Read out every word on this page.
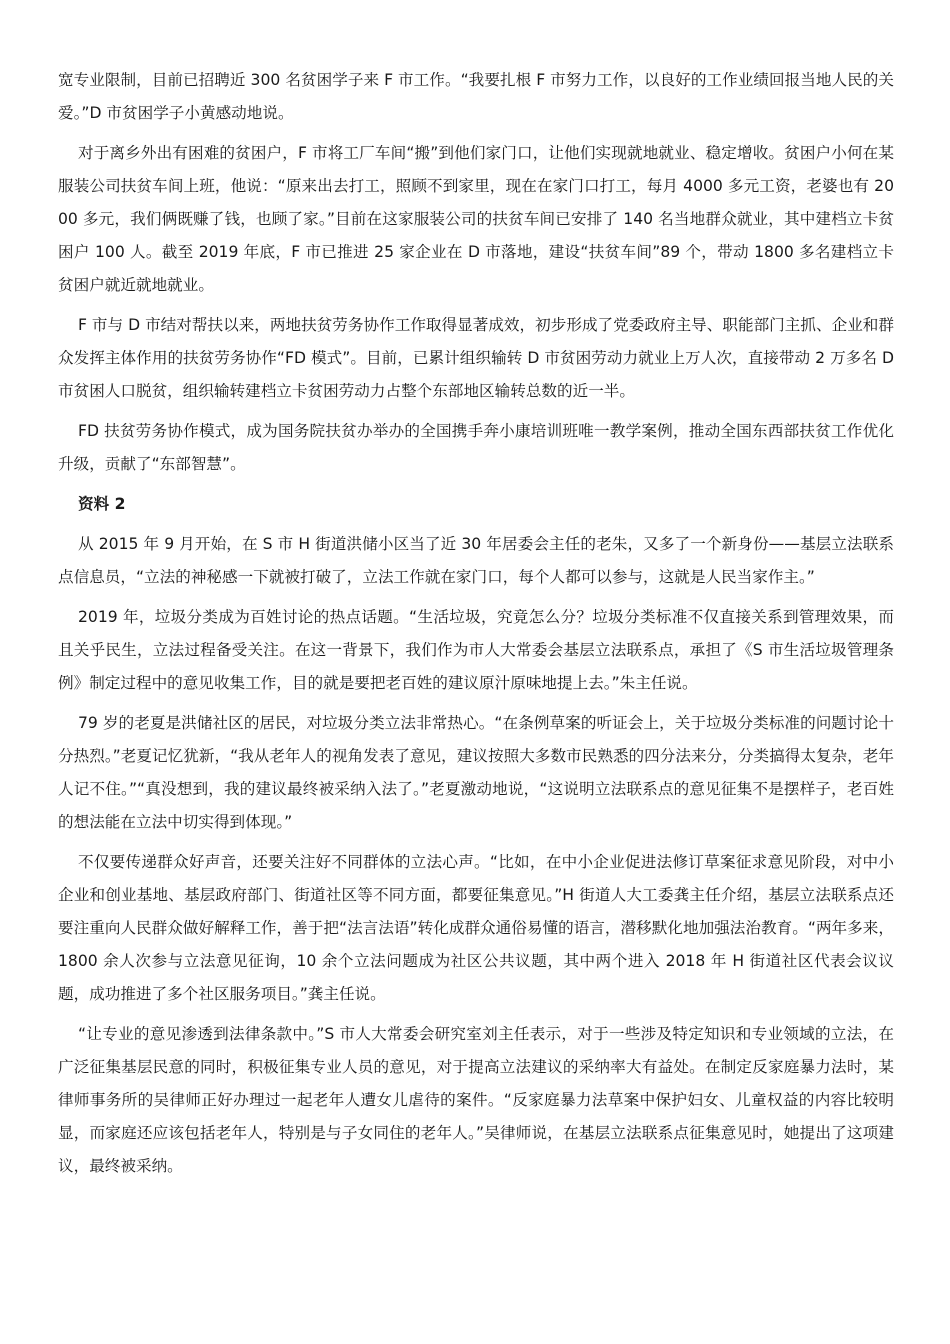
宽专业限制，目前已招聘近 300 名贫困学子来 F 市工作。“我要扎根 F 市努力工作，以良好的工作业绩回报当地人民的关爱。”D 市贫困学子小黄感动地说。

对于离乡外出有困难的贫困户，F 市将工厂车间“搬”到他们家门口，让他们实现就地就业、稳定增收。贫困户小何在某服装公司扶贫车间上班，他说：“原来出去打工，照顾不到家里，现在在家门口打工，每月 4000 多元工资，老婆也有 2000 多元，我们俩既赚了钱，也顾了家。”目前在这家服装公司的扶贫车间已安排了 140 名当地群众就业，其中建档立卡贫困户 100 人。截至 2019 年底，F 市已推进 25 家企业在 D 市落地，建设“扶贫车间”89 个，带动 1800 多名建档立卡贫困户就近就地就业。

F 市与 D 市结对帮扶以来，两地扶贫劳务协作工作取得显著成效，初步形成了党委政府主导、职能部门主抓、企业和群众发挥主体作用的扶贫劳务协作“FD 模式”。目前，已累计组织输转 D 市贫困劳动力就业上万人次，直接带动 2 万多名 D 市贫困人口脱贫，组织输转建档立卡贫困劳动力占整个东部地区输转总数的近一半。

FD 扶贫劳务协作模式，成为国务院扶贫办举办的全国携手奔小康培训班唯一教学案例，推动全国东西部扶贫工作优化升级，贡献了“东部智慧”。

资料 2

从 2015 年 9 月开始，在 S 市 H 街道洪储小区当了近 30 年居委会主任的老朱，又多了一个新身份——基层立法联系点信息员，“立法的神秘感一下就被打破了，立法工作就在家门口，每个人都可以参与，这就是人民当家作主。”

2019 年，垃圾分类成为百姓讨论的热点话题。“生活垃圾，究竟怎么分？垃圾分类标准不仅直接关系到管理效果，而且关乎民生，立法过程备受关注。在这一背景下，我们作为市人大常委会基层立法联系点，承担了《S 市生活垃圾管理条例》制定过程中的意见收集工作，目的就是要把老百姓的建议原汁原味地提上去。”朱主任说。

79 岁的老夏是洪储社区的居民，对垃圾分类立法非常热心。“在条例草案的听证会上，关于垃圾分类标准的问题讨论十分热烈。”老夏记忆犹新，“我从老年人的视角发表了意见，建议按照大多数市民熟悉的四分法来分，分类搞得太复杂，老年人记不住。”“真没想到，我的建议最终被采纳入法了。”老夏激动地说，“这说明立法联系点的意见征集不是摆样子，老百姓的想法能在立法中切实得到体现。”

不仅要传递群众好声音，还要关注好不同群体的立法心声。“比如，在中小企业促进法修订草案征求意见阶段，对中小企业和创业基地、基层政府部门、街道社区等不同方面，都要征集意见。”H 街道人大工委龚主任介绍，基层立法联系点还要注重向人民群众做好解释工作，善于把“法言法语”转化成群众通俗易懂的语言，潜移默化地加强法治教育。“两年多来，1800 余人次参与立法意见征询，10 余个立法问题成为社区公共议题，其中两个进入 2018 年 H 街道社区代表会议议题，成功推进了多个社区服务项目。”龚主任说。

“让专业的意见渗透到法律条款中。”S 市人大常委会研究室刘主任表示，对于一些涉及特定知识和专业领域的立法，在广泛征集基层民意的同时，积极征集专业人员的意见，对于提高立法建议的采纳率大有益处。在制定反家庭暴力法时，某律师事务所的吴律师正好办理过一起老年人遭女儿虐待的案件。“反家庭暴力法草案中保护妇女、儿童权益的内容比较明显，而家庭还应该包括老年人，特别是与子女同住的老年人。”吴律师说，在基层立法联系点征集意见时，她提出了这项建议，最终被采纳。
